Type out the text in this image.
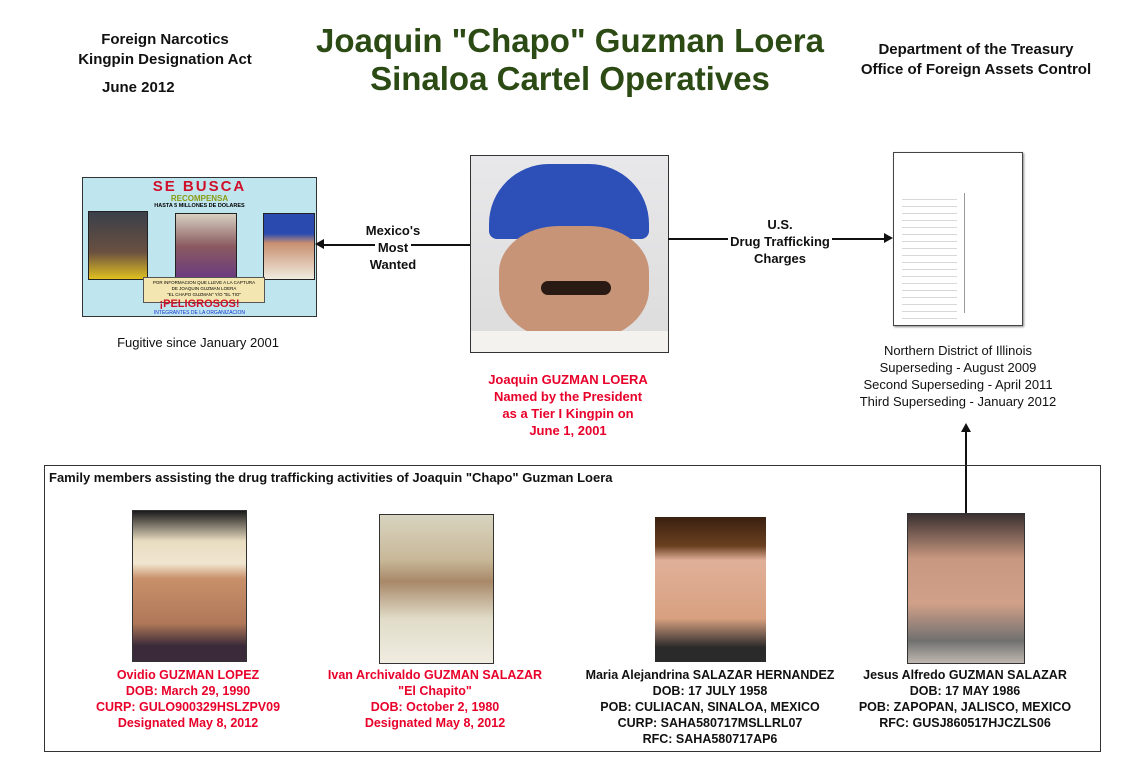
Foreign Narcotics
Kingpin Designation Act
June 2012
Joaquin "Chapo" Guzman Loera
Sinaloa Cartel Operatives
Department of the Treasury
Office of Foreign Assets Control
SE BUSCA
RECOMPENSA
HASTA 5 MILLONES DE DOLARES
POR INFORMACION QUE LLEVE A LA CAPTURA
DE JOAQUIN GUZMAN LOERA
"EL CHAPO GUZMAN" Y/O "EL TIO"
¡PELIGROSOS!
INTEGRANTES DE LA ORGANIZACION
Fugitive since January 2001
Mexico's
Most
Wanted
Joaquin GUZMAN LOERA
Named by the President
as a Tier I Kingpin on
June 1, 2001
U.S.
Drug Trafficking
Charges
Northern District of Illinois
Superseding - August 2009
Second Superseding - April 2011
Third Superseding - January 2012
Family members assisting the drug trafficking activities of Joaquin "Chapo" Guzman Loera
Ovidio GUZMAN LOPEZ
DOB: March 29, 1990
CURP: GULO900329HSLZPV09
Designated May 8, 2012
Ivan Archivaldo GUZMAN SALAZAR
"El Chapito"
DOB: October 2, 1980
Designated May 8, 2012
Maria Alejandrina SALAZAR HERNANDEZ
DOB: 17 JULY 1958
POB: CULIACAN, SINALOA, MEXICO
CURP: SAHA580717MSLLRL07
RFC: SAHA580717AP6
Jesus Alfredo GUZMAN SALAZAR
DOB: 17 MAY 1986
POB: ZAPOPAN, JALISCO, MEXICO
RFC: GUSJ860517HJCZLS06
